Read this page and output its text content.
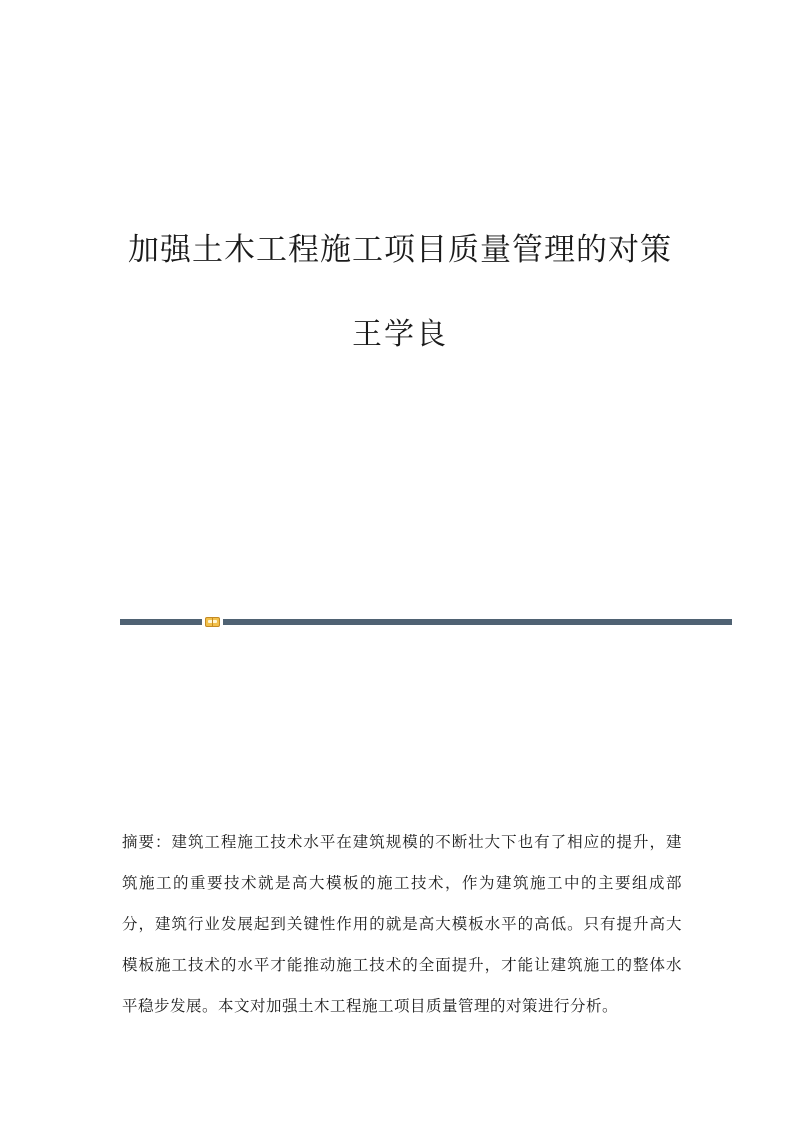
加强土木工程施工项目质量管理的对策
王学良
摘要：建筑工程施工技术水平在建筑规模的不断壮大下也有了相应的提升，建
筑施工的重要技术就是高大模板的施工技术，作为建筑施工中的主要组成部
分，建筑行业发展起到关键性作用的就是高大模板水平的高低。只有提升高大
模板施工技术的水平才能推动施工技术的全面提升，才能让建筑施工的整体水
平稳步发展。本文对加强土木工程施工项目质量管理的对策进行分析。
